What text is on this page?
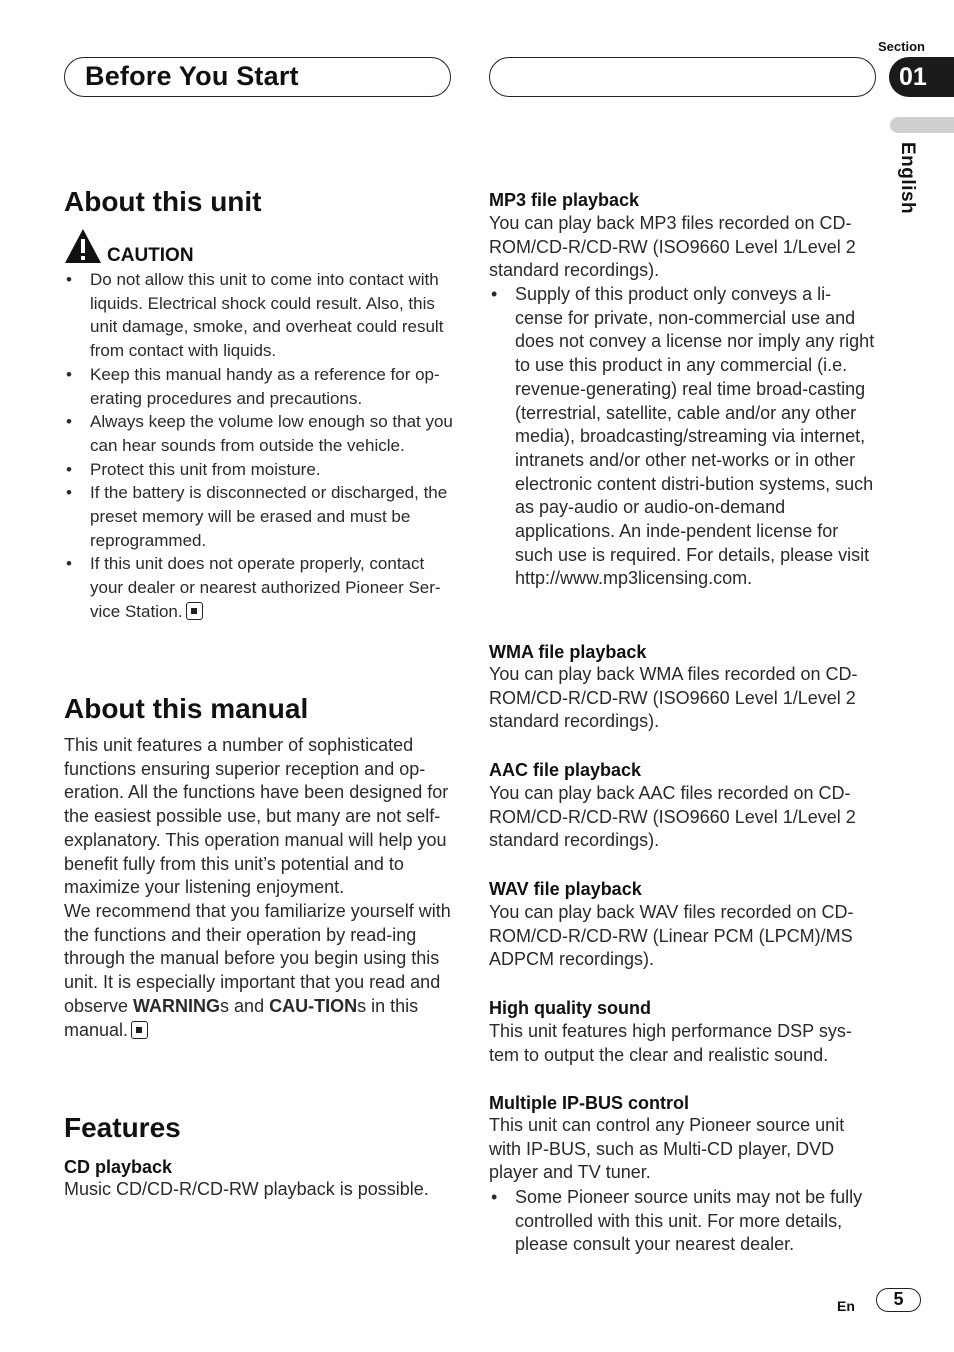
Before You Start
Section
01
English
About this unit
CAUTION
• Do not allow this unit to come into contact with liquids. Electrical shock could result. Also, this unit damage, smoke, and overheat could result from contact with liquids.
• Keep this manual handy as a reference for op-erating procedures and precautions.
• Always keep the volume low enough so that you can hear sounds from outside the vehicle.
• Protect this unit from moisture.
• If the battery is disconnected or discharged, the preset memory will be erased and must be reprogrammed.
• If this unit does not operate properly, contact your dealer or nearest authorized Pioneer Ser-vice Station.
About this manual
This unit features a number of sophisticated functions ensuring superior reception and op-eration. All the functions have been designed for the easiest possible use, but many are not self-explanatory. This operation manual will help you benefit fully from this unit’s potential and to maximize your listening enjoyment.
We recommend that you familiarize yourself with the functions and their operation by read-ing through the manual before you begin using this unit. It is especially important that you read and observe WARNINGs and CAU-TIONs in this manual.
Features
CD playback
Music CD/CD-R/CD-RW playback is possible.
MP3 file playback
You can play back MP3 files recorded on CD-ROM/CD-R/CD-RW (ISO9660 Level 1/Level 2 standard recordings).
• Supply of this product only conveys a li-cense for private, non-commercial use and does not convey a license nor imply any right to use this product in any commercial (i.e. revenue-generating) real time broad-casting (terrestrial, satellite, cable and/or any other media), broadcasting/streaming via internet, intranets and/or other net-works or in other electronic content distri-bution systems, such as pay-audio or audio-on-demand applications. An inde-pendent license for such use is required. For details, please visit
http://www.mp3licensing.com.
WMA file playback
You can play back WMA files recorded on CD-ROM/CD-R/CD-RW (ISO9660 Level 1/Level 2 standard recordings).
AAC file playback
You can play back AAC files recorded on CD-ROM/CD-R/CD-RW (ISO9660 Level 1/Level 2 standard recordings).
WAV file playback
You can play back WAV files recorded on CD-ROM/CD-R/CD-RW (Linear PCM (LPCM)/MS ADPCM recordings).
High quality sound
This unit features high performance DSP sys-tem to output the clear and realistic sound.
Multiple IP-BUS control
This unit can control any Pioneer source unit with IP-BUS, such as Multi-CD player, DVD player and TV tuner.
• Some Pioneer source units may not be fully controlled with this unit. For more details, please consult your nearest dealer.
En	5
